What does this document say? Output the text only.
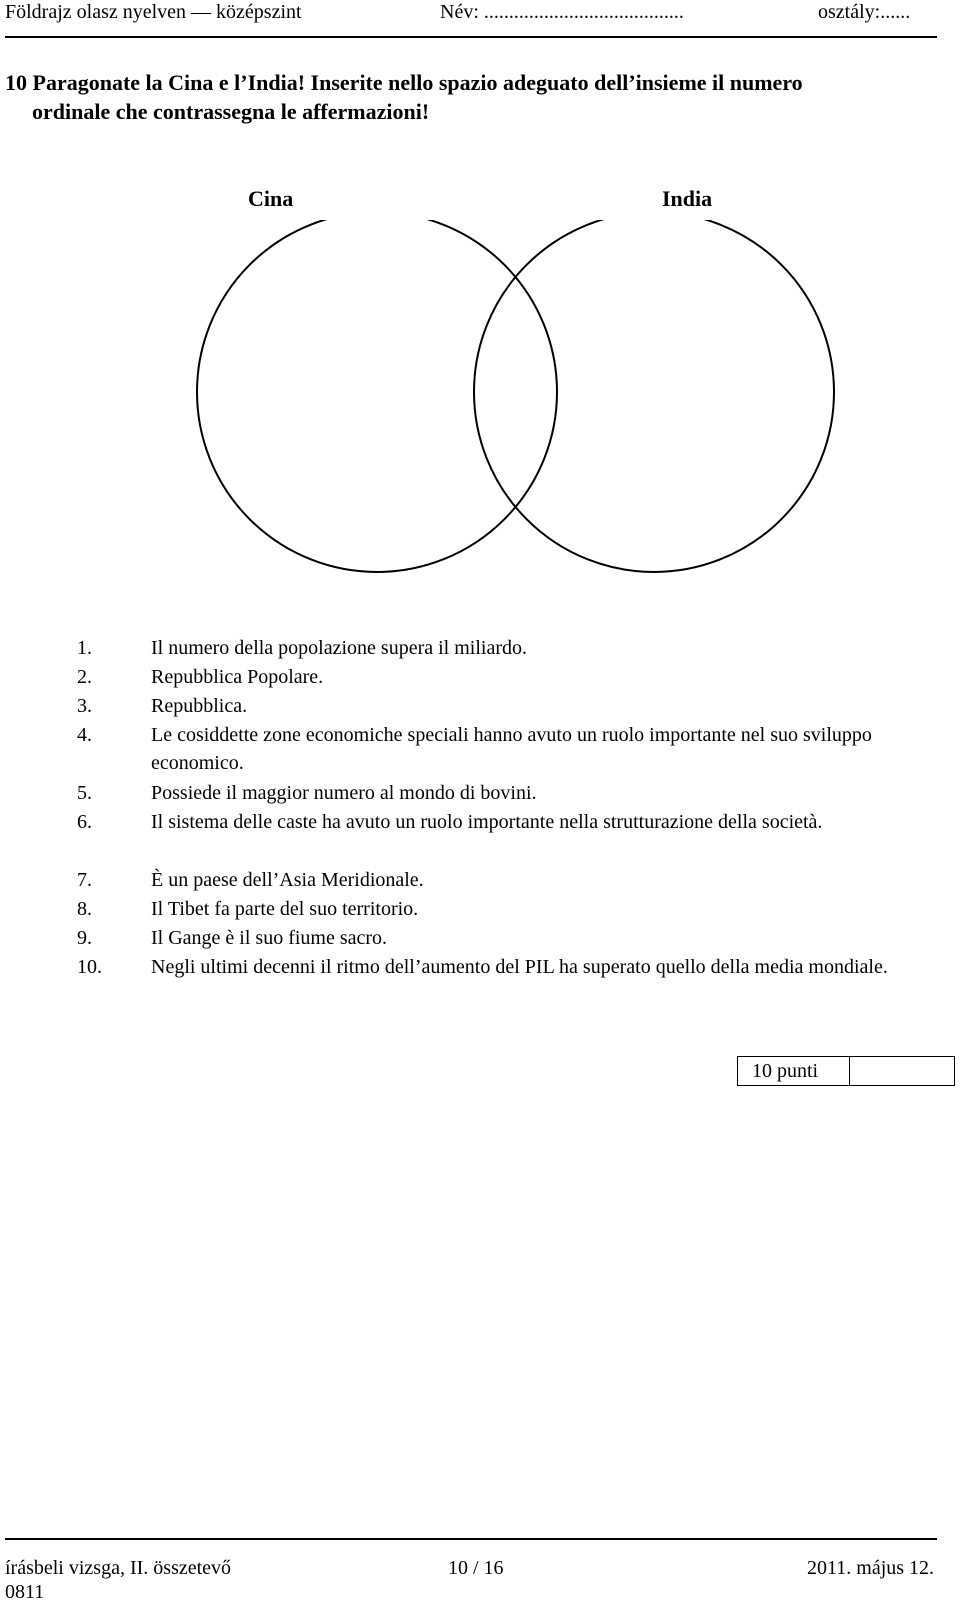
Földrajz olasz nyelven — középszint	Név: ........................................	osztály:......
10 Paragonate la Cina e l’India! Inserite nello spazio adeguato dell’insieme il numero
ordinale che contrassegna le affermazioni!
Cina	India
1.	Il numero della popolazione supera il miliardo.
2.	Repubblica Popolare.
3.	Repubblica.
4.	Le cosiddette zone economiche speciali hanno avuto un ruolo importante nel suo sviluppo economico.
5.	Possiede il maggior numero al mondo di bovini.
6.	Il sistema delle caste ha avuto un ruolo importante nella strutturazione della società.
7.	È un paese dell’Asia Meridionale.
8.	Il Tibet fa parte del suo territorio.
9.	Il Gange è il suo fiume sacro.
10. Negli ultimi decenni il ritmo dell’aumento del PIL ha superato quello della media mondiale.
10 punti
írásbeli vizsga, II. összetevő	10 / 16	2011. május 12.
0811
